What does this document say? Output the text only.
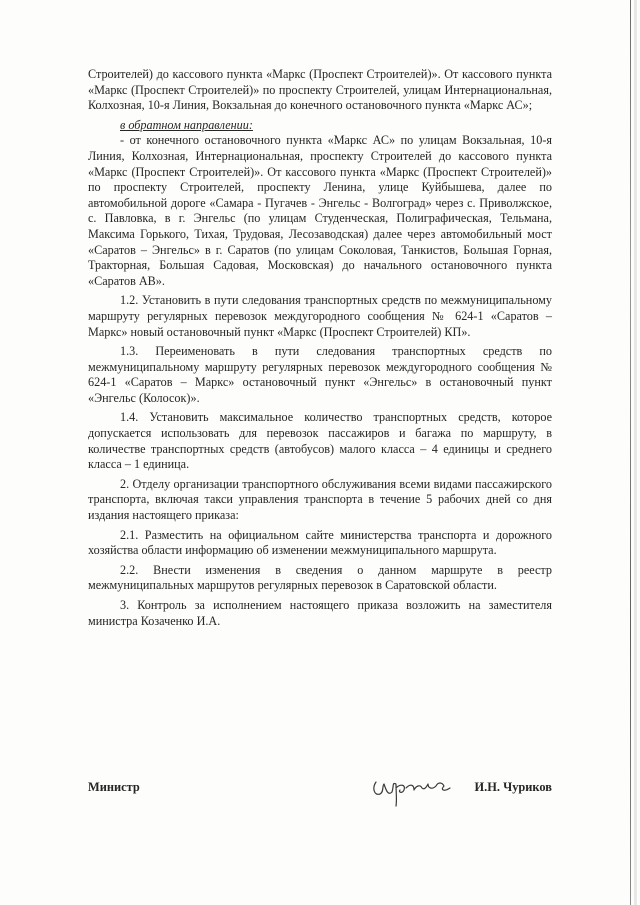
Строителей) до кассового пункта «Маркс (Проспект Строителей)». От кассового пункта «Маркс (Проспект Строителей)» по проспекту Строителей, улицам Интернациональная, Колхозная, 10-я Линия, Вокзальная до конечного остановочного пункта «Маркс АС»;

в обратном направлении:

- от конечного остановочного пункта «Маркс АС» по улицам Вокзальная, 10-я Линия, Колхозная, Интернациональная, проспекту Строителей до кассового пункта «Маркс (Проспект Строителей)». От кассового пункта «Маркс (Проспект Строителей)» по проспекту Строителей, проспекту Ленина, улице Куйбышева, далее по автомобильной дороге «Самара - Пугачев - Энгельс - Волгоград» через с. Приволжское, с. Павловка, в г. Энгельс (по улицам Студенческая, Полиграфическая, Тельмана, Максима Горького, Тихая, Трудовая, Лесозаводская) далее через автомобильный мост «Саратов – Энгельс» в г. Саратов (по улицам Соколовая, Танкистов, Большая Горная, Тракторная, Большая Садовая, Московская) до начального остановочного пункта «Саратов АВ».

1.2. Установить в пути следования транспортных средств по межмуниципальному маршруту регулярных перевозок междугородного сообщения № 624-1 «Саратов – Маркс» новый остановочный пункт «Маркс (Проспект Строителей) КП».

1.3. Переименовать в пути следования транспортных средств по межмуниципальному маршруту регулярных перевозок междугородного сообщения № 624-1 «Саратов – Маркс» остановочный пункт «Энгельс» в остановочный пункт «Энгельс (Колосок)».

1.4. Установить максимальное количество транспортных средств, которое допускается использовать для перевозок пассажиров и багажа по маршруту, в количестве транспортных средств (автобусов) малого класса – 4 единицы и среднего класса – 1 единица.

2. Отделу организации транспортного обслуживания всеми видами пассажирского транспорта, включая такси управления транспорта в течение 5 рабочих дней со дня издания настоящего приказа:

2.1. Разместить на официальном сайте министерства транспорта и дорожного хозяйства области информацию об изменении межмуниципального маршрута.

2.2. Внести изменения в сведения о данном маршруте в реестр межмуниципальных маршрутов регулярных перевозок в Саратовской области.

3. Контроль за исполнением настоящего приказа возложить на заместителя министра Козаченко И.А.

Министр	И.Н. Чуриков
